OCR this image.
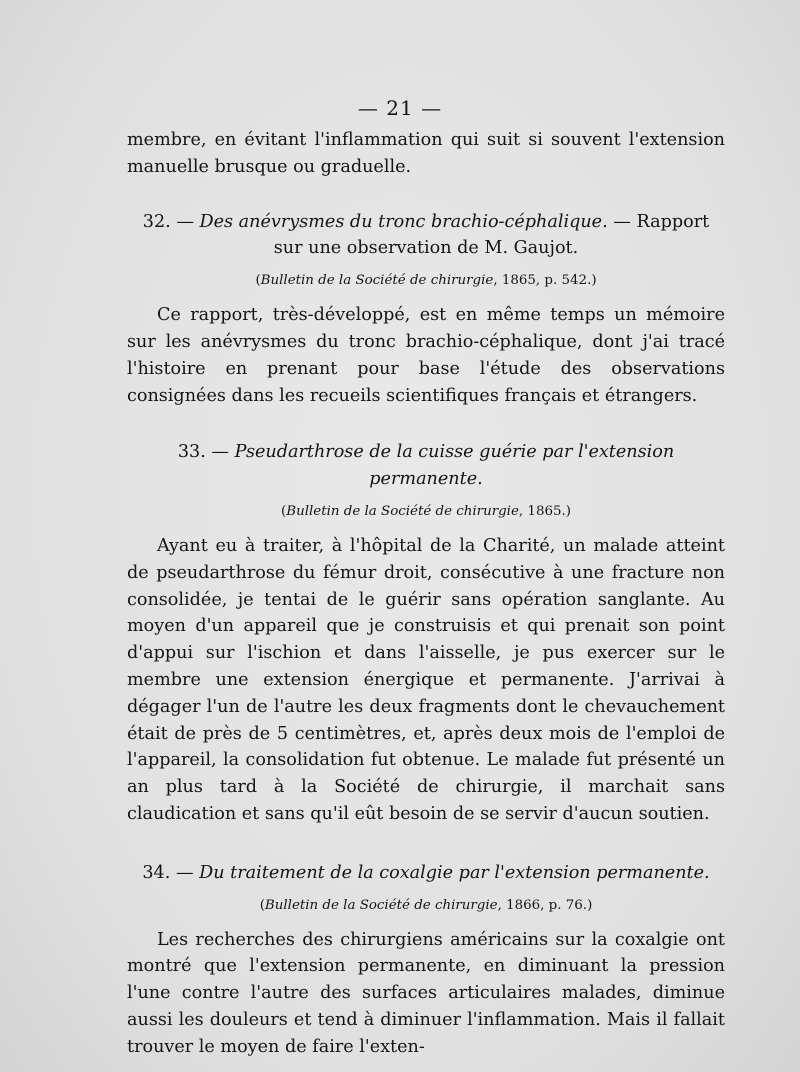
— 21 —

membre, en évitant l'inflammation qui suit si souvent l'extension manuelle brusque ou graduelle.

32. — Des anévrysmes du tronc brachio-céphalique. — Rapport sur une observation de M. Gaujot.
(Bulletin de la Société de chirurgie, 1865, p. 542.)

Ce rapport, très-développé, est en même temps un mémoire sur les anévrysmes du tronc brachio-céphalique, dont j'ai tracé l'histoire en prenant pour base l'étude des observations consignées dans les recueils scientifiques français et étrangers.

33. — Pseudarthrose de la cuisse guérie par l'extension permanente.
(Bulletin de la Société de chirurgie, 1865.)

Ayant eu à traiter, à l'hôpital de la Charité, un malade atteint de pseudarthrose du fémur droit, consécutive à une fracture non consolidée, je tentai de le guérir sans opération sanglante. Au moyen d'un appareil que je construisis et qui prenait son point d'appui sur l'ischion et dans l'aisselle, je pus exercer sur le membre une extension énergique et permanente. J'arrivai à dégager l'un de l'autre les deux fragments dont le chevauchement était de près de 5 centimètres, et, après deux mois de l'emploi de l'appareil, la consolidation fut obtenue. Le malade fut présenté un an plus tard à la Société de chirurgie, il marchait sans claudication et sans qu'il eût besoin de se servir d'aucun soutien.

34. — Du traitement de la coxalgie par l'extension permanente.
(Bulletin de la Société de chirurgie, 1866, p. 76.)

Les recherches des chirurgiens américains sur la coxalgie ont montré que l'extension permanente, en diminuant la pression l'une contre l'autre des surfaces articulaires malades, diminue aussi les douleurs et tend à diminuer l'inflammation. Mais il fallait trouver le moyen de faire l'exten-
